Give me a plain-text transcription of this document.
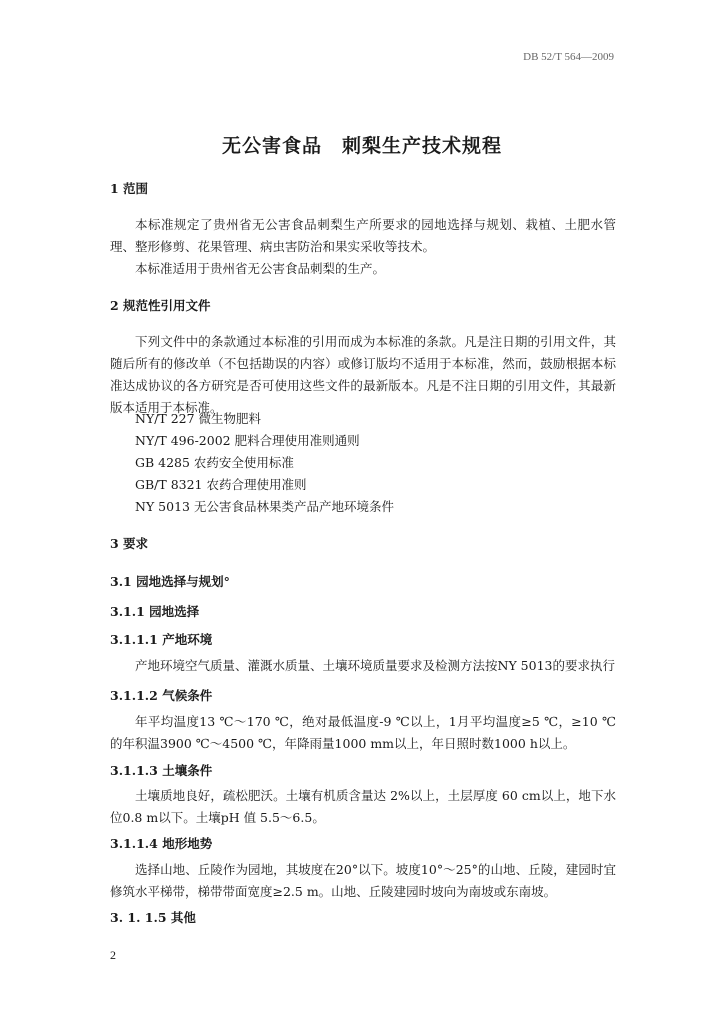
DB 52/T 564—2009
无公害食品　刺梨生产技术规程
1 范围
本标准规定了贵州省无公害食品刺梨生产所要求的园地选择与规划、栽植、土肥水管理、整形修剪、花果管理、病虫害防治和果实采收等技术。
本标准适用于贵州省无公害食品刺梨的生产。
2 规范性引用文件
下列文件中的条款通过本标准的引用而成为本标准的条款。凡是注日期的引用文件，其随后所有的修改单（不包括勘误的内容）或修订版均不适用于本标准，然而，鼓励根据本标准达成协议的各方研究是否可使用这些文件的最新版本。凡是不注日期的引用文件，其最新版本适用于本标准。
NY/T 227 微生物肥料
NY/T 496-2002 肥料合理使用准则通则
GB 4285 农药安全使用标准
GB/T 8321 农药合理使用准则
NY 5013 无公害食品林果类产品产地环境条件
3 要求
3.1 园地选择与规划°
3.1.1 园地选择
3.1.1.1 产地环境
产地环境空气质量、灌溉水质量、土壤环境质量要求及检测方法按NY 5013的要求执行
3.1.1.2 气候条件
年平均温度13 ℃～170 ℃，绝对最低温度-9 ℃以上，1月平均温度≥5 ℃，≥10 ℃的年积温3900 ℃～4500 ℃，年降雨量1000 mm以上，年日照时数1000 h以上。
3.1.1.3 土壤条件
土壤质地良好，疏松肥沃。土壤有机质含量达 2%以上，土层厚度 60 cm以上，地下水位0.8 m以下。土壤pH 值 5.5～6.5。
3.1.1.4 地形地势
选择山地、丘陵作为园地，其坡度在20°以下。坡度10°～25°的山地、丘陵，建园时宜修筑水平梯带，梯带带面宽度≥2.5 m。山地、丘陵建园时坡向为南坡或东南坡。
3. 1. 1.5 其他
2
